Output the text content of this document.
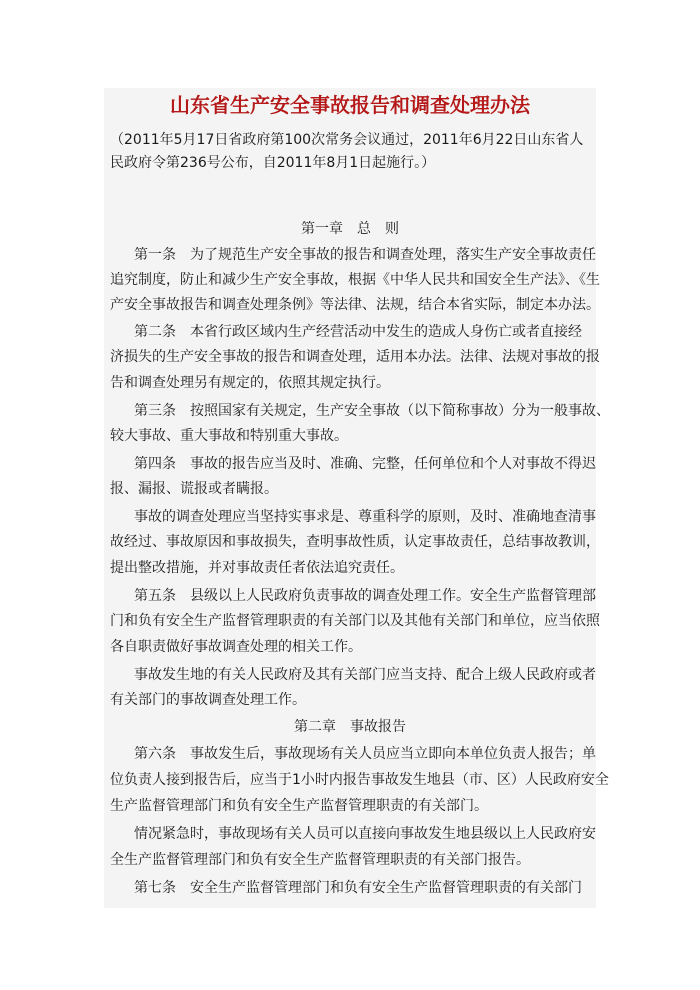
山东省生产安全事故报告和调查处理办法
（2011年5月17日省政府第100次常务会议通过，2011年6月22日山东省人民政府令第236号公布，自2011年8月1日起施行。）
第一章　总　则
第一条　为了规范生产安全事故的报告和调查处理，落实生产安全事故责任
追究制度，防止和减少生产安全事故，根据《中华人民共和国安全生产法》、《生
产安全事故报告和调查处理条例》等法律、法规，结合本省实际，制定本办法。
第二条　本省行政区域内生产经营活动中发生的造成人身伤亡或者直接经
济损失的生产安全事故的报告和调查处理，适用本办法。法律、法规对事故的报
告和调查处理另有规定的，依照其规定执行。
第三条　按照国家有关规定，生产安全事故（以下简称事故）分为一般事故、
较大事故、重大事故和特别重大事故。
第四条　事故的报告应当及时、准确、完整，任何单位和个人对事故不得迟
报、漏报、谎报或者瞒报。
事故的调查处理应当坚持实事求是、尊重科学的原则，及时、准确地查清事
故经过、事故原因和事故损失，查明事故性质，认定事故责任，总结事故教训，
提出整改措施，并对事故责任者依法追究责任。
第五条　县级以上人民政府负责事故的调查处理工作。安全生产监督管理部
门和负有安全生产监督管理职责的有关部门以及其他有关部门和单位，应当依照
各自职责做好事故调查处理的相关工作。
事故发生地的有关人民政府及其有关部门应当支持、配合上级人民政府或者
有关部门的事故调查处理工作。
第二章　事故报告
第六条　事故发生后，事故现场有关人员应当立即向本单位负责人报告；单
位负责人接到报告后，应当于1小时内报告事故发生地县（市、区）人民政府安全
生产监督管理部门和负有安全生产监督管理职责的有关部门。
情况紧急时，事故现场有关人员可以直接向事故发生地县级以上人民政府安
全生产监督管理部门和负有安全生产监督管理职责的有关部门报告。
第七条　安全生产监督管理部门和负有安全生产监督管理职责的有关部门
